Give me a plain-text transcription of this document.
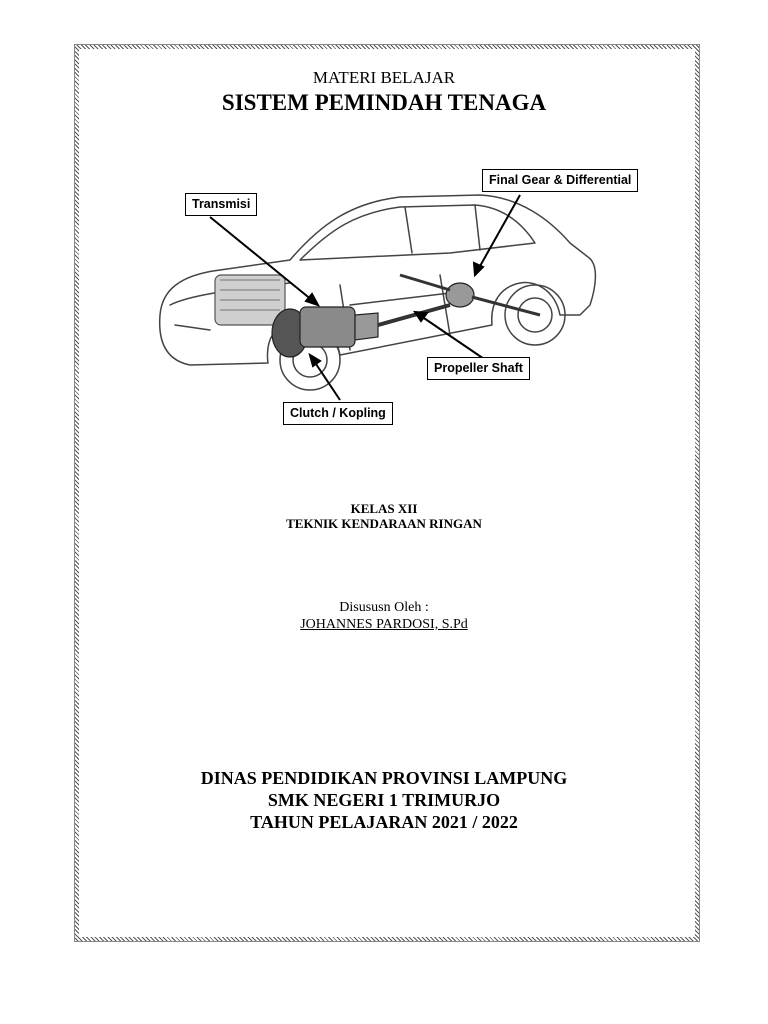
MATERI BELAJAR
SISTEM PEMINDAH TENAGA
Transmisi
Final Gear & Differential
Propeller Shaft
Clutch / Kopling
KELAS XII
TEKNIK KENDARAAN RINGAN
Disususn Oleh :
JOHANNES PARDOSI, S.Pd
DINAS PENDIDIKAN PROVINSI LAMPUNG
SMK NEGERI 1 TRIMURJO
TAHUN PELAJARAN 2021 / 2022
